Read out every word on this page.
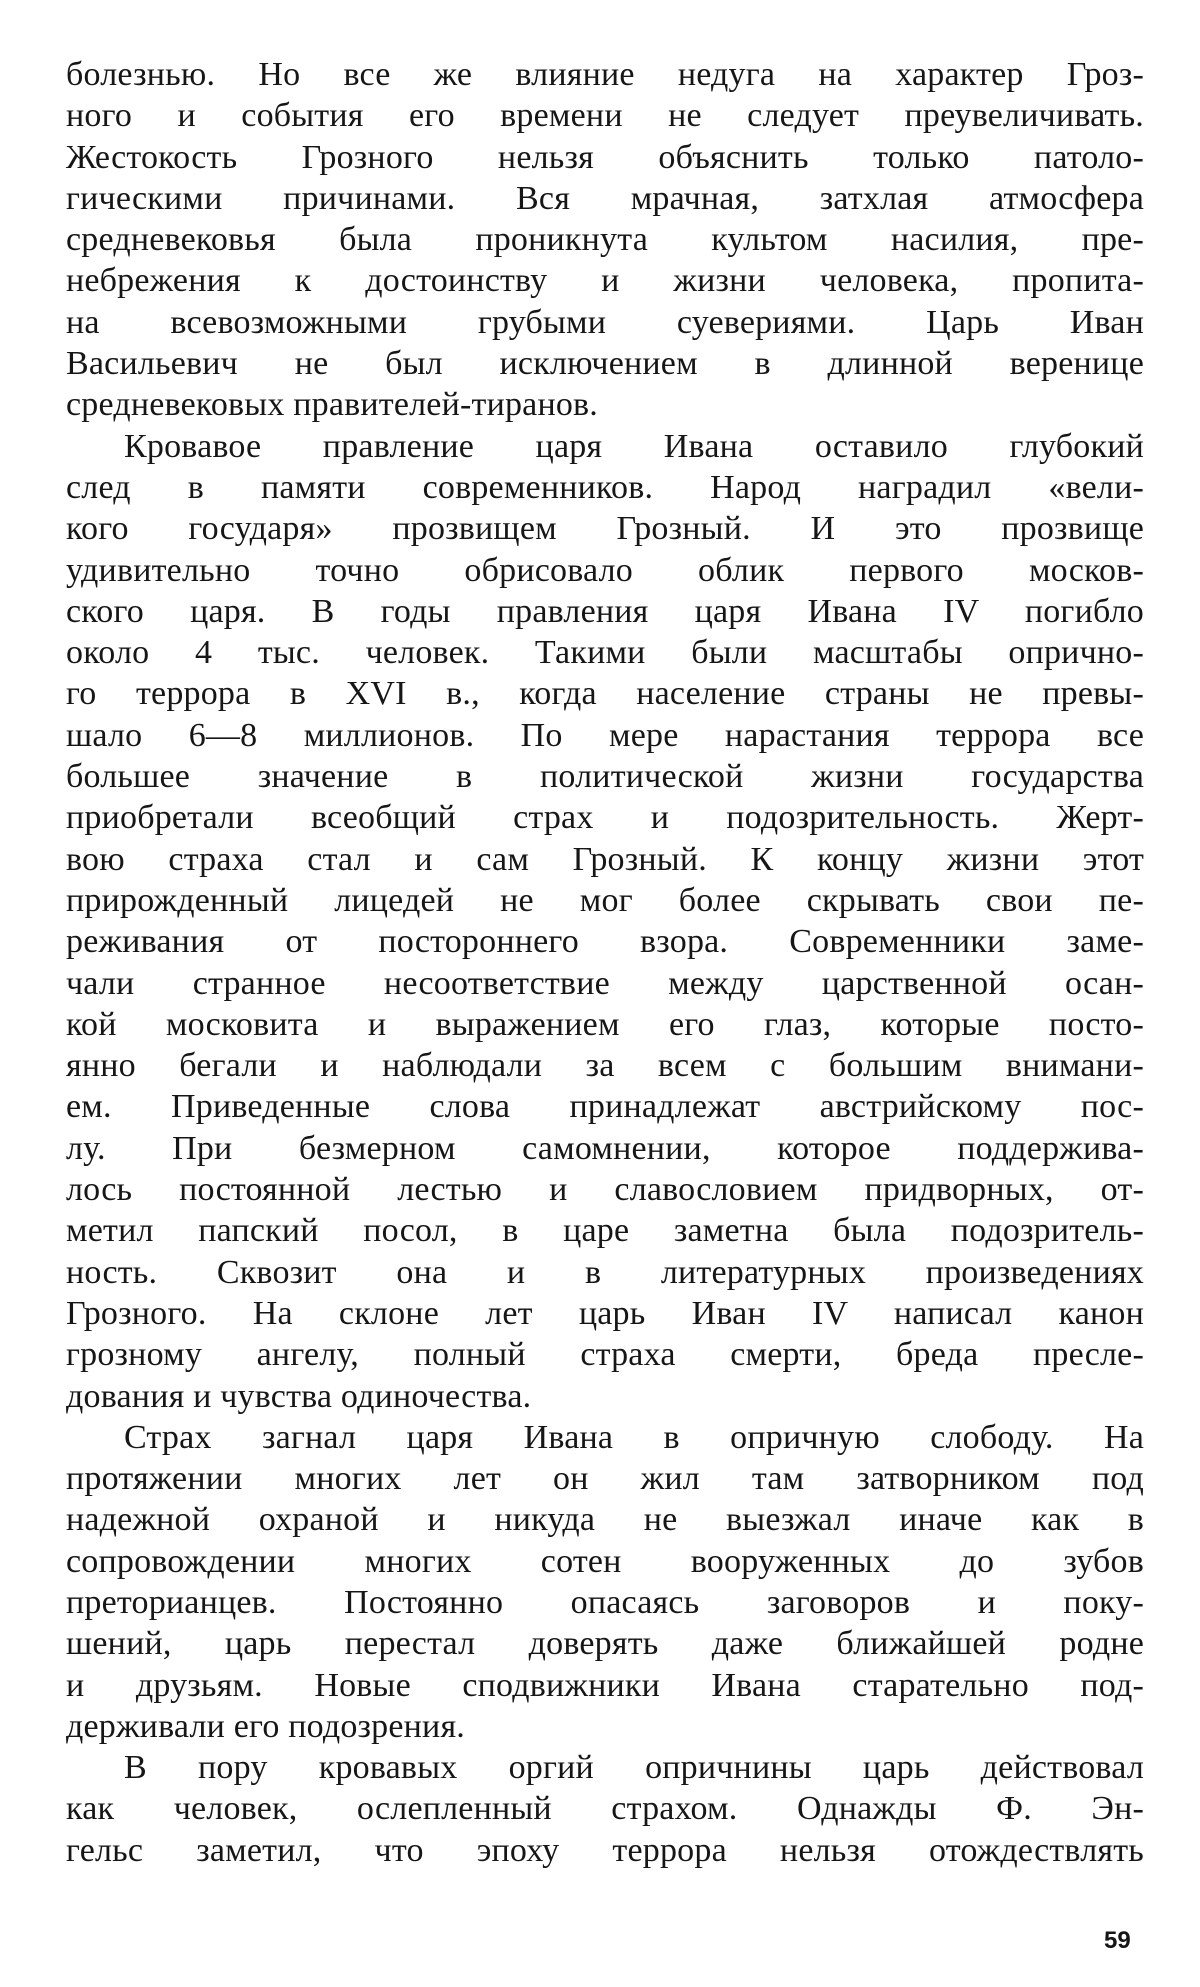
болезнью. Но все же влияние недуга на характер Гроз-
ного и события его времени не следует преувеличивать.
Жестокость Грозного нельзя объяснить только патоло-
гическими причинами. Вся мрачная, затхлая атмосфера
средневековья была проникнута культом насилия, пре-
небрежения к достоинству и жизни человека, пропита-
на всевозможными грубыми суевериями. Царь Иван
Васильевич не был исключением в длинной веренице
средневековых правителей-тиранов.
Кровавое правление царя Ивана оставило глубокий
след в памяти современников. Народ наградил «вели-
кого государя» прозвищем Грозный. И это прозвище
удивительно точно обрисовало облик первого москов-
ского царя. В годы правления царя Ивана IV погибло
около 4 тыс. человек. Такими были масштабы опрично-
го террора в XVI в., когда население страны не превы-
шало 6—8 миллионов. По мере нарастания террора все
большее значение в политической жизни государства
приобретали всеобщий страх и подозрительность. Жерт-
вою страха стал и сам Грозный. К концу жизни этот
прирожденный лицедей не мог более скрывать свои пе-
реживания от постороннего взора. Современники заме-
чали странное несоответствие между царственной осан-
кой московита и выражением его глаз, которые посто-
янно бегали и наблюдали за всем с большим внимани-
ем. Приведенные слова принадлежат австрийскому пос-
лу. При безмерном самомнении, которое поддержива-
лось постоянной лестью и славословием придворных, от-
метил папский посол, в царе заметна была подозритель-
ность. Сквозит она и в литературных произведениях
Грозного. На склоне лет царь Иван IV написал канон
грозному ангелу, полный страха смерти, бреда пресле-
дования и чувства одиночества.
Страх загнал царя Ивана в опричную слободу. На
протяжении многих лет он жил там затворником под
надежной охраной и никуда не выезжал иначе как в
сопровождении многих сотен вооруженных до зубов
преторианцев. Постоянно опасаясь заговоров и поку-
шений, царь перестал доверять даже ближайшей родне
и друзьям. Новые сподвижники Ивана старательно под-
держивали его подозрения.
В пору кровавых оргий опричнины царь действовал
как человек, ослепленный страхом. Однажды Ф. Эн-
гельс заметил, что эпоху террора нельзя отождествлять
59
